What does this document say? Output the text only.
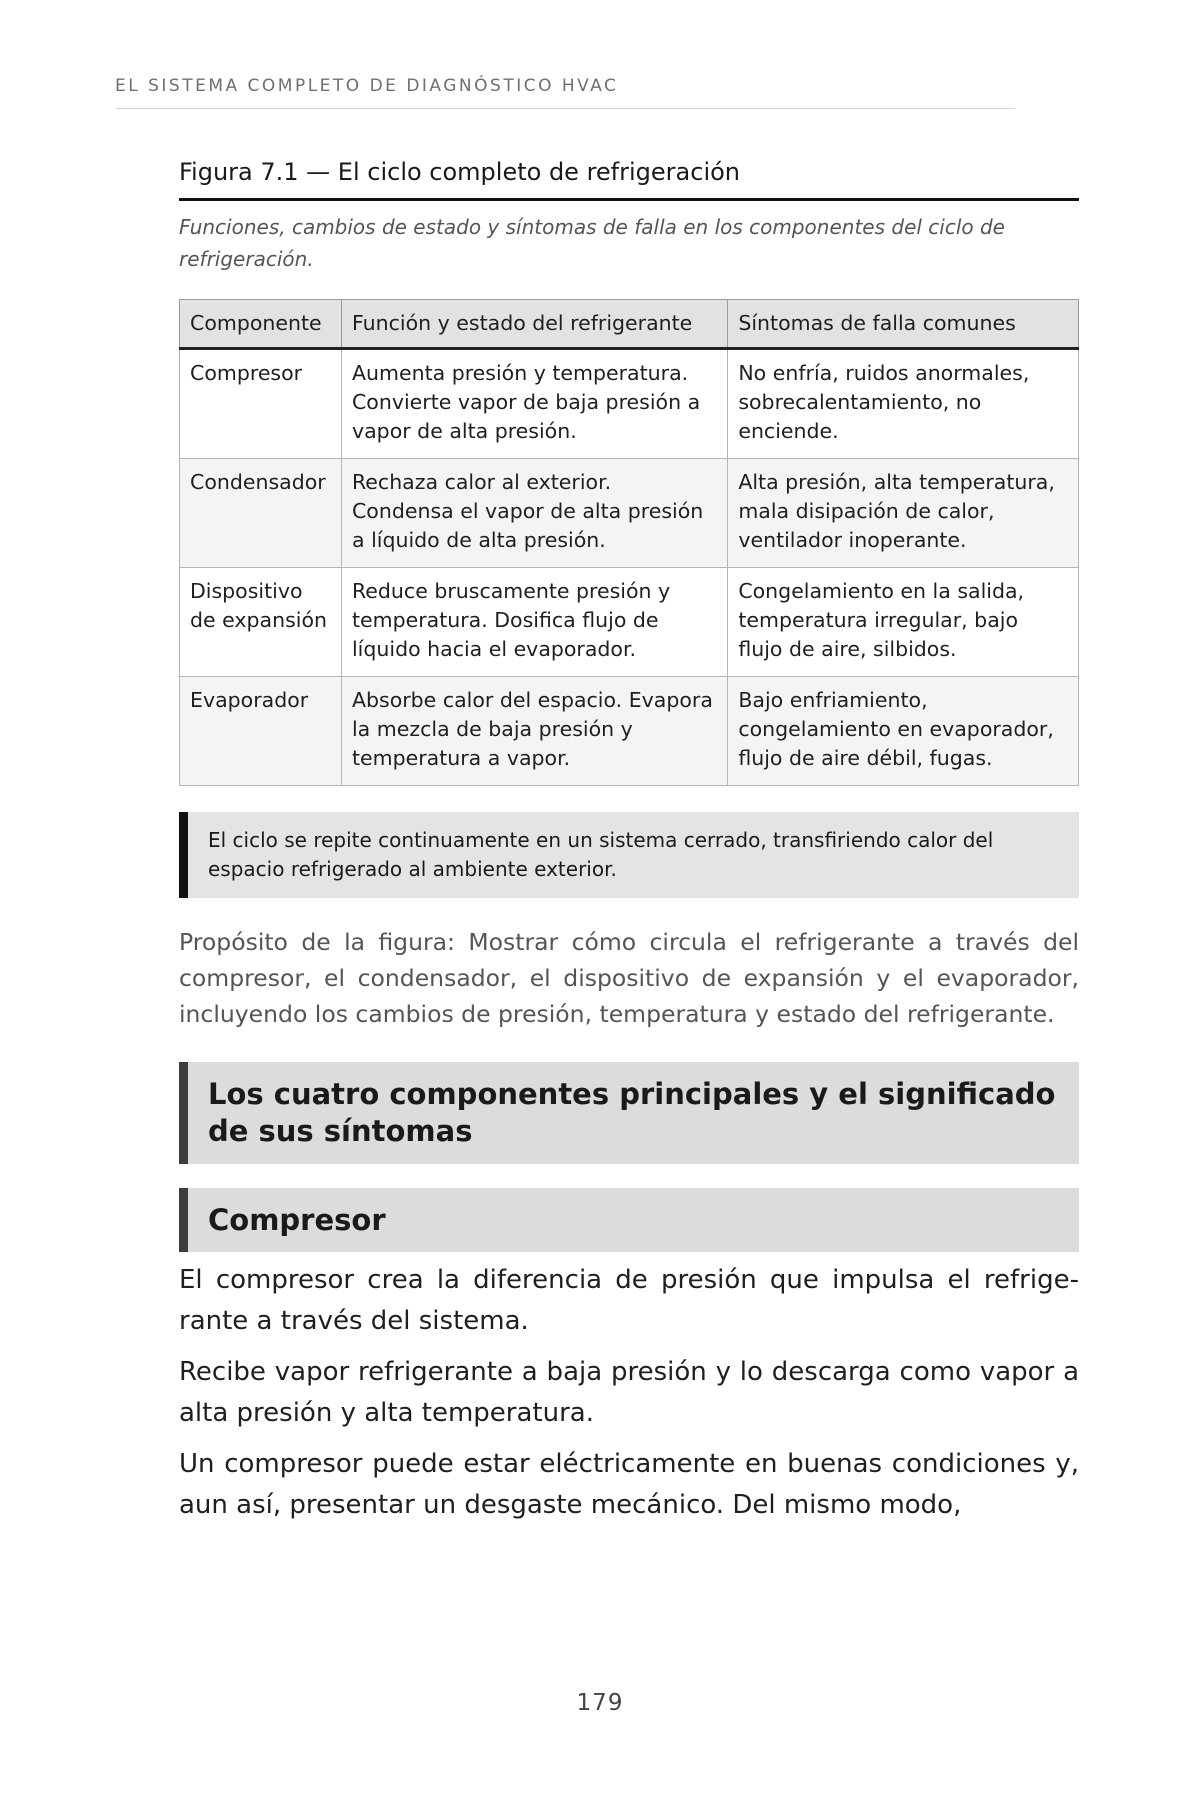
EL SISTEMA COMPLETO DE DIAGNÓSTICO HVAC
Figura 7.1 — El ciclo completo de refrigeración
Funciones, cambios de estado y síntomas de falla en los componentes del ciclo de refrigeración.
Componente	Función y estado del refrigerante	Síntomas de falla comunes
Compresor	Aumenta presión y temperatura. Convierte vapor de baja presión a vapor de alta presión.	No enfría, ruidos anormales, sobrecalentamiento, no enciende.
Condensador	Rechaza calor al exterior. Condensa el vapor de alta presión a líquido de alta presión.	Alta presión, alta temperatura, mala disipación de calor, ventilador inoperante.
Dispositivo de expansión	Reduce bruscamente presión y temperatura. Dosifica flujo de líquido hacia el evaporador.	Congelamiento en la salida, temperatura irregular, bajo flujo de aire, silbidos.
Evaporador	Absorbe calor del espacio. Evapora la mezcla de baja presión y temperatura a vapor.	Bajo enfriamiento, congelamiento en evaporador, flujo de aire débil, fugas.
El ciclo se repite continuamente en un sistema cerrado, transfiriendo calor del espacio refrigerado al ambiente exterior.

Propósito de la figura: Mostrar cómo circula el refrigerante a través del compresor, el condensador, el dispositivo de expansión y el evaporador, incluyendo los cambios de presión, temperatura y estado del refrigerante.

Los cuatro componentes principales y el significado de sus síntomas
Compresor

El compresor crea la diferencia de presión que impulsa el refrigerante a través del sistema.

Recibe vapor refrigerante a baja presión y lo descarga como vapor a alta presión y alta temperatura.

Un compresor puede estar eléctricamente en buenas condiciones y, aun así, presentar un desgaste mecánico. Del mismo modo,

179
